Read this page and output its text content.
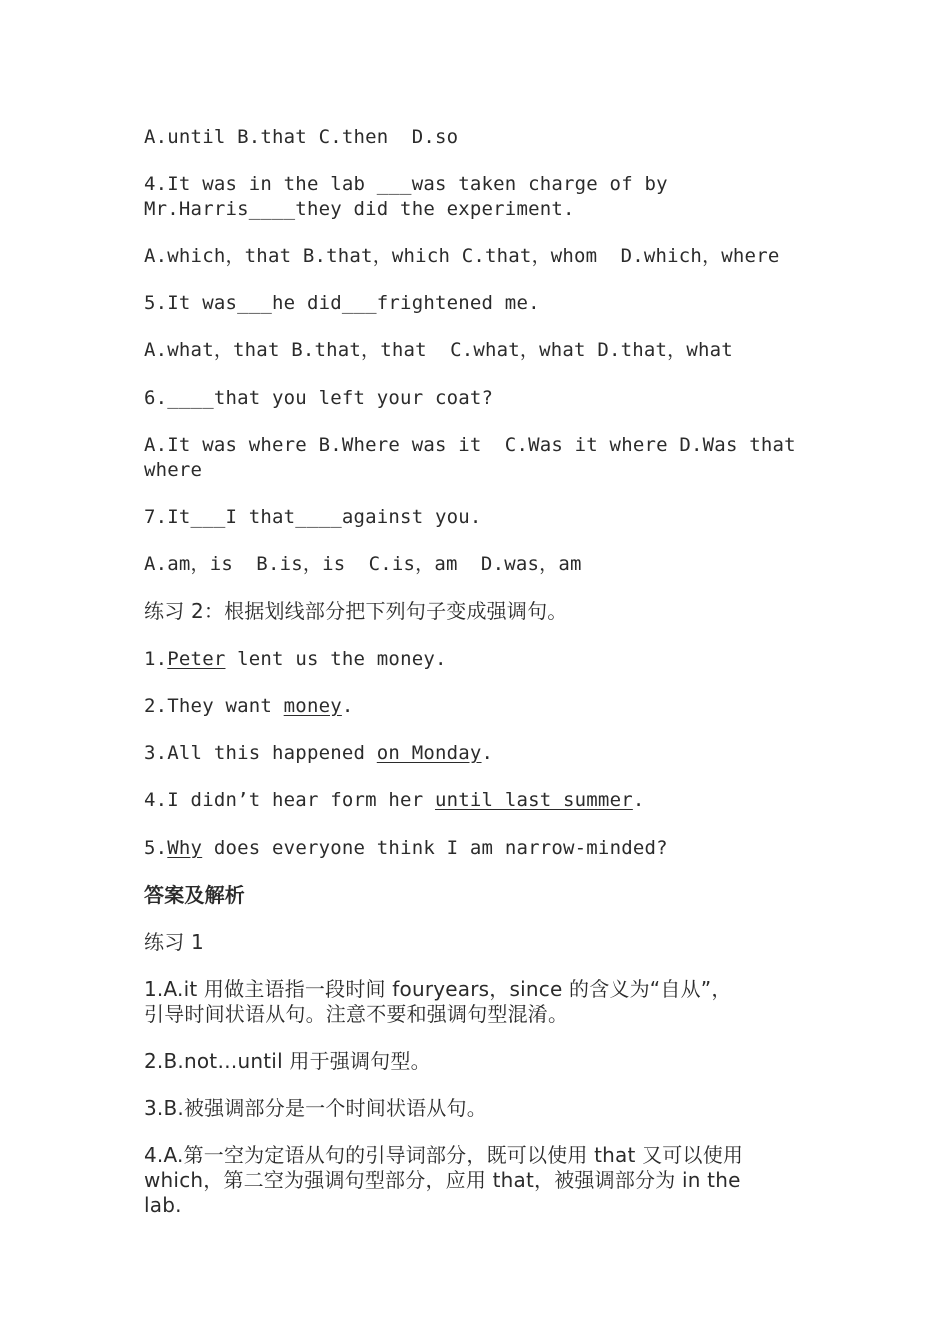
A.until B.that C.then  D.so

4.It was in the lab ___was taken charge of by

Mr.Harris____they did the experiment.

A.which，that B.that，which C.that，whom  D.which，where

5.It was___he did___frightened me.

A.what，that B.that，that  C.what，what D.that，what

6.____that you left your coat?

A.It was where B.Where was it  C.Was it where D.Was that

where

7.It___I that____against you.

A.am，is  B.is，is  C.is，am  D.was，am

练习 2：根据划线部分把下列句子变成强调句。

1.Peter lent us the money.

2.They want money.

3.All this happened on Monday.

4.I didn’t hear form her until last summer.

5.Why does everyone think I am narrow-minded?

答案及解析

练习 1

1.A.it 用做主语指一段时间 fouryears，since 的含义为“自从”，

引导时间状语从句。注意不要和强调句型混淆。

2.B.not…until 用于强调句型。

3.B.被强调部分是一个时间状语从句。

4.A.第一空为定语从句的引导词部分，既可以使用 that 又可以使用

which，第二空为强调句型部分，应用 that，被强调部分为 in the

lab.
